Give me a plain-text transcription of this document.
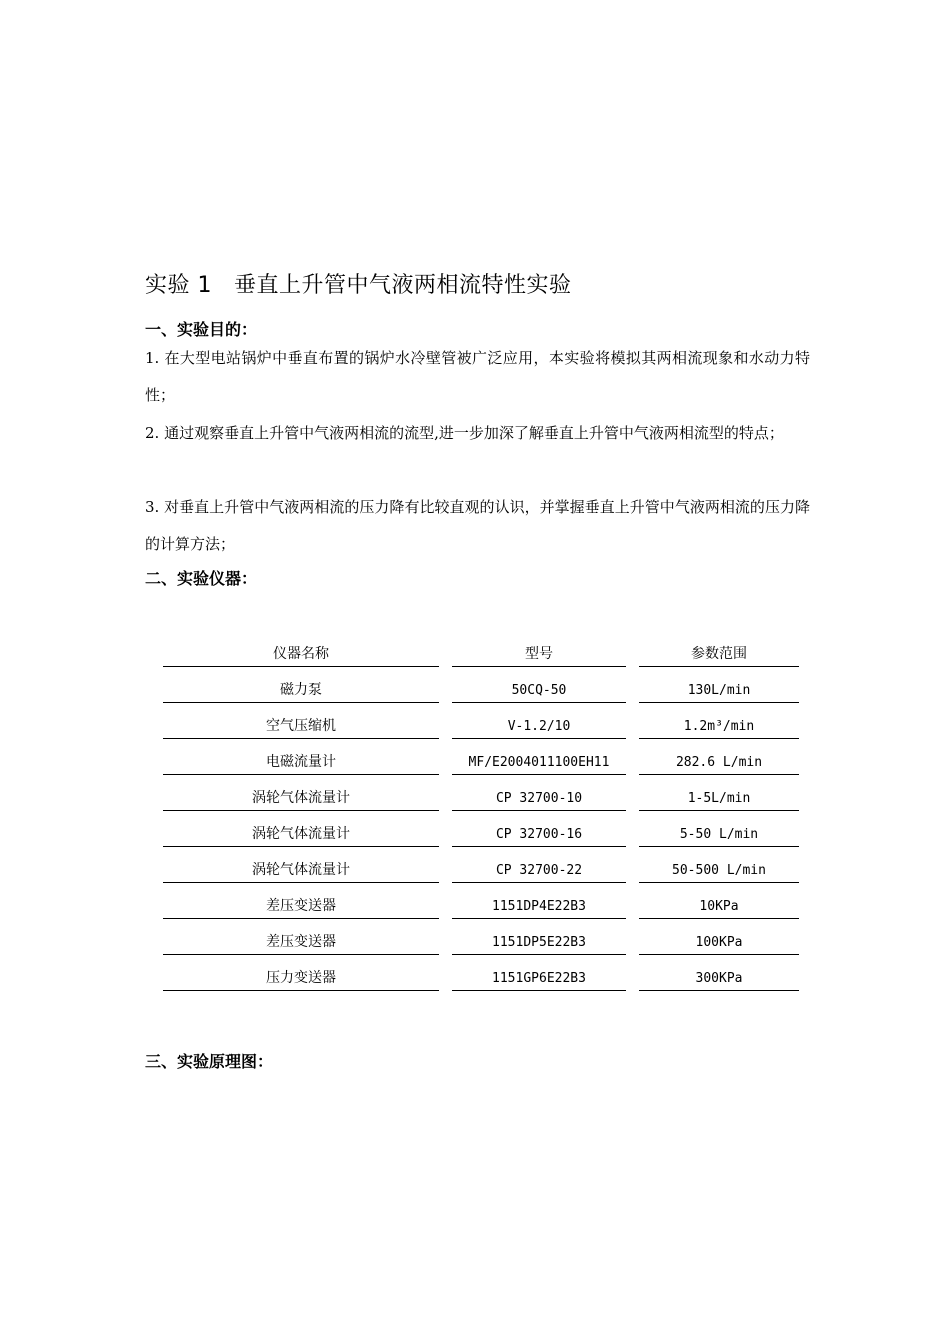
实验 1 垂直上升管中气液两相流特性实验
一、实验目的：
1. 在大型电站锅炉中垂直布置的锅炉水冷壁管被广泛应用，本实验将模拟其两相流现象和水动力特性；
2. 通过观察垂直上升管中气液两相流的流型,进一步加深了解垂直上升管中气液两相流型的特点；
3. 对垂直上升管中气液两相流的压力降有比较直观的认识，并掌握垂直上升管中气液两相流的压力降的计算方法；
二、实验仪器：
仪器名称	型号	参数范围
磁力泵	50CQ-50	130L/min
空气压缩机	V-1.2/10	1.2m³/min
电磁流量计	MF/E2004011100EH11	282.6 L/min
涡轮气体流量计	CP 32700-10	1-5L/min
涡轮气体流量计	CP 32700-16	5-50 L/min
涡轮气体流量计	CP 32700-22	50-500 L/min
差压变送器	1151DP4E22B3	10KPa
差压变送器	1151DP5E22B3	100KPa
压力变送器	1151GP6E22B3	300KPa
三、实验原理图：
